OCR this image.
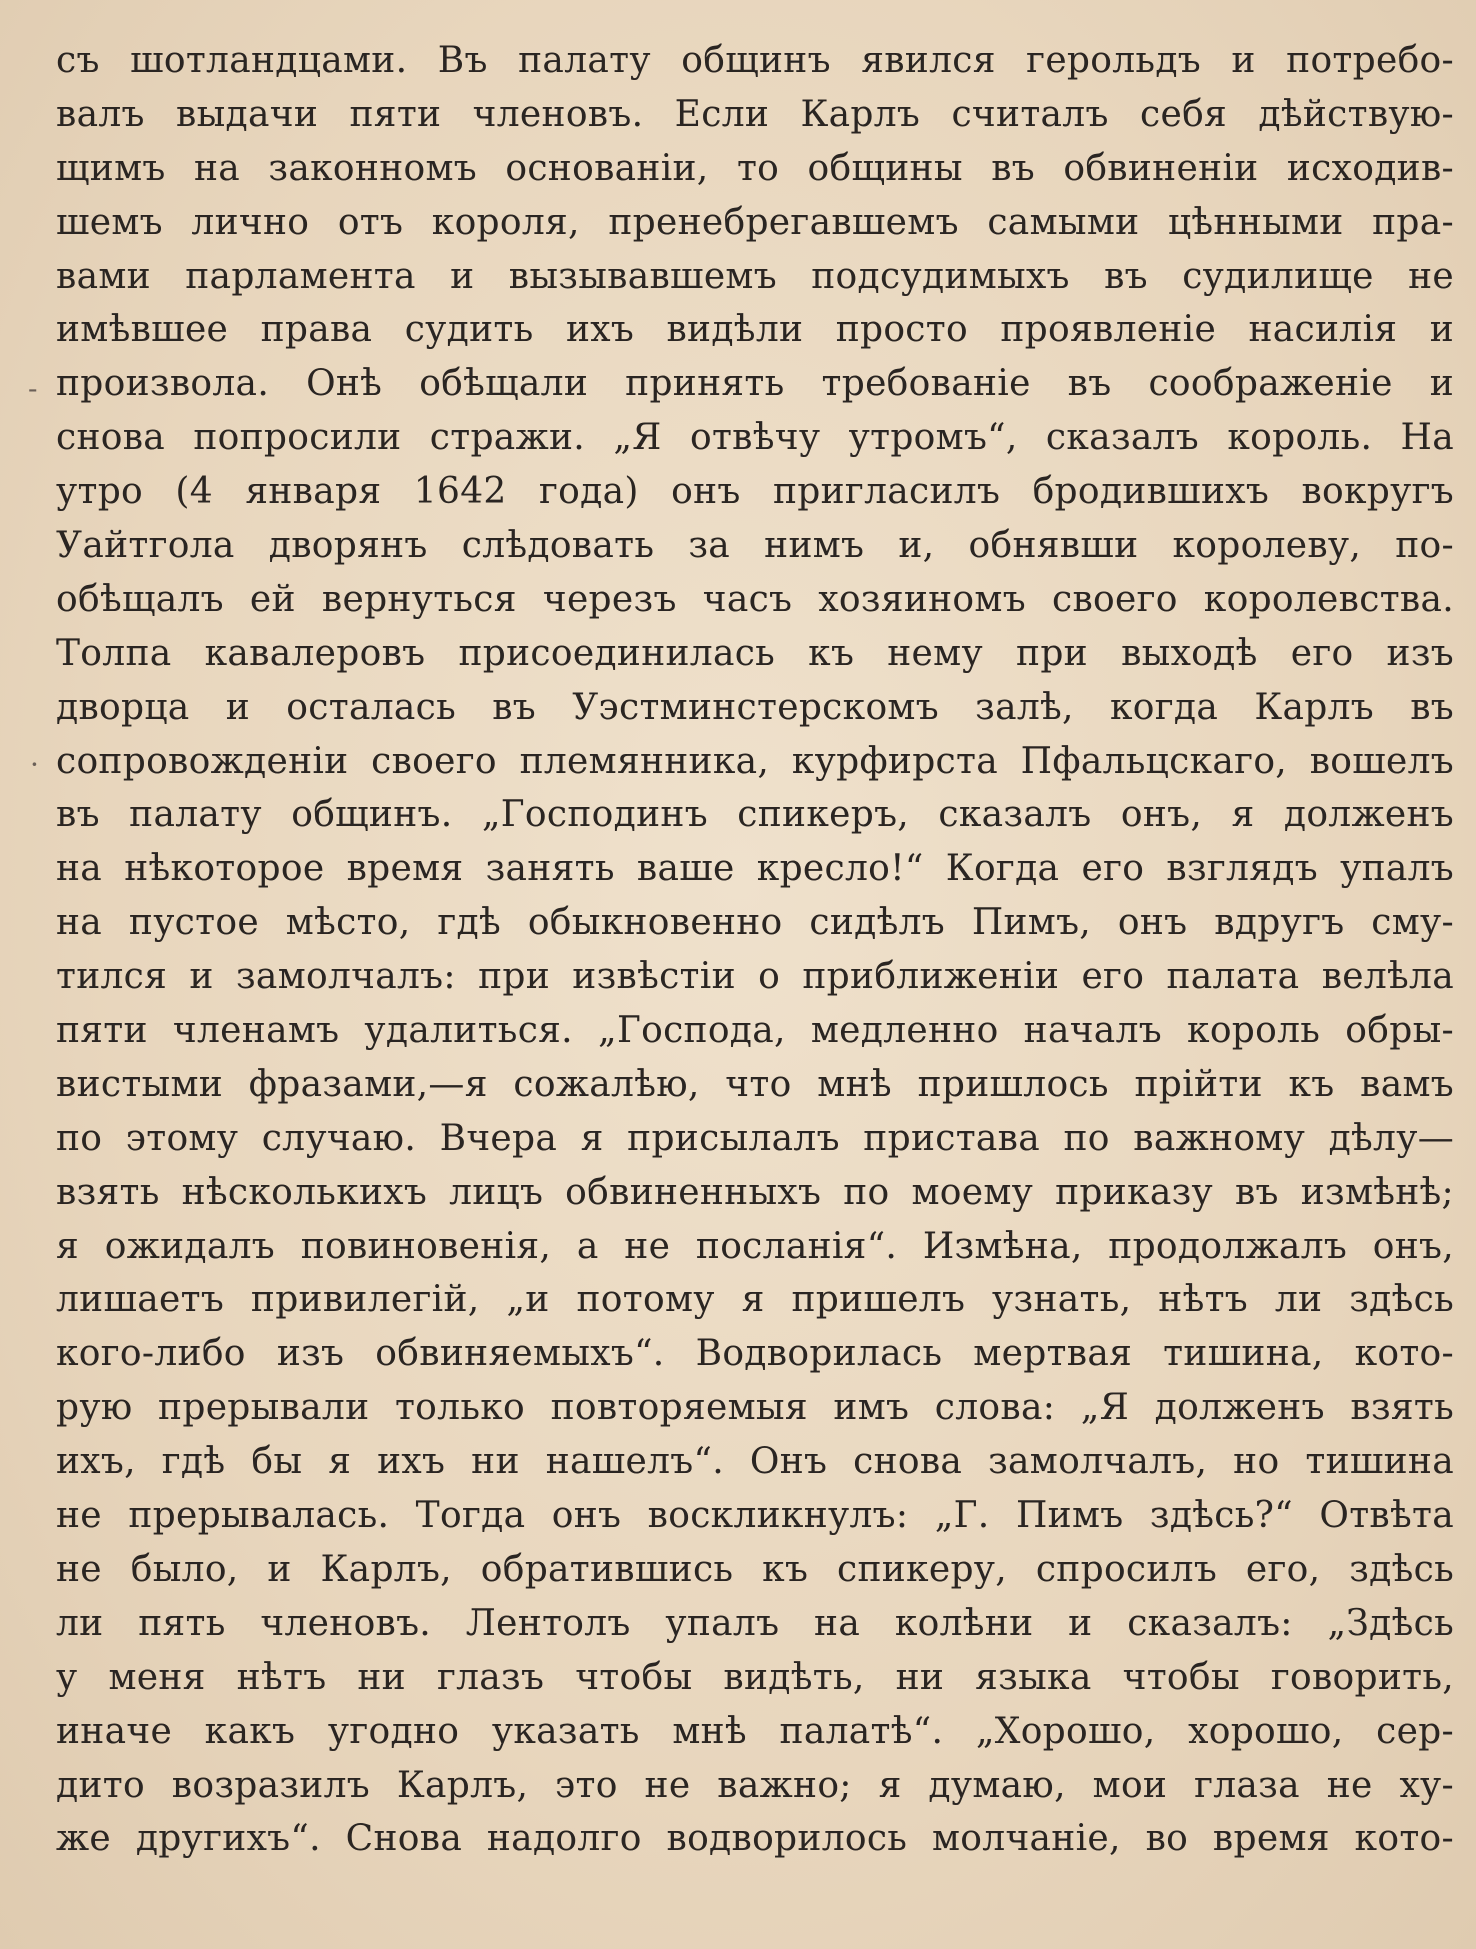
‐
·
съ шотландцами. Въ палату общинъ явился герольдъ и потребо-
валъ выдачи пяти членовъ. Если Карлъ считалъ себя дѣйствую-
щимъ на законномъ основанiи, то общины въ обвиненiи исходив-
шемъ лично отъ короля, пренебрегавшемъ самыми цѣнными пра-
вами парламента и вызывавшемъ подсудимыхъ въ судилище не
имѣвшее права судить ихъ видѣли просто проявленiе насилiя и
произвола. Онѣ обѣщали принять требованiе въ соображенiе и
снова попросили стражи. „Я отвѣчу утромъ“, сказалъ король. На
утро (4 января 1642 года) онъ пригласилъ бродившихъ вокругъ
Уайтгола дворянъ слѣдовать за нимъ и, обнявши королеву, по-
обѣщалъ ей вернуться черезъ часъ хозяиномъ своего королевства.
Толпа кавалеровъ присоединилась къ нему при выходѣ его изъ
дворца и осталась въ Уэстминстерскомъ залѣ, когда Карлъ въ
сопровожденiи своего племянника, курфирста Пфальцскаго, вошелъ
въ палату общинъ. „Господинъ спикеръ, сказалъ онъ, я долженъ
на нѣкоторое время занять ваше кресло!“ Когда его взглядъ упалъ
на пустое мѣсто, гдѣ обыкновенно сидѣлъ Пимъ, онъ вдругъ сму-
тился и замолчалъ: при извѣстiи о приближенiи его палата велѣла
пяти членамъ удалиться. „Господа, медленно началъ король обры-
вистыми фразами,—я сожалѣю, что мнѣ пришлось прiйти къ вамъ
по этому случаю. Вчера я присылалъ пристава по важному дѣлу—
взять нѣсколькихъ лицъ обвиненныхъ по моему приказу въ измѣнѣ;
я ожидалъ повиновенiя, а не посланiя“. Измѣна, продолжалъ онъ,
лишаетъ привилегiй, „и потому я пришелъ узнать, нѣтъ ли здѣсь
кого-либо изъ обвиняемыхъ“. Водворилась мертвая тишина, кото-
рую прерывали только повторяемыя имъ слова: „Я долженъ взять
ихъ, гдѣ бы я ихъ ни нашелъ“. Онъ снова замолчалъ, но тишина
не прерывалась. Тогда онъ воскликнулъ: „Г. Пимъ здѣсь?“ Отвѣта
не было, и Карлъ, обратившись къ спикеру, спросилъ его, здѣсь
ли пять членовъ. Лентолъ упалъ на колѣни и сказалъ: „Здѣсь
у меня нѣтъ ни глазъ чтобы видѣть, ни языка чтобы говорить,
иначе какъ угодно указать мнѣ палатѣ“. „Хорошо, хорошо, сер-
дито возразилъ Карлъ, это не важно; я думаю, мои глаза не ху-
же другихъ“. Снова надолго водворилось молчанiе, во время кото-
